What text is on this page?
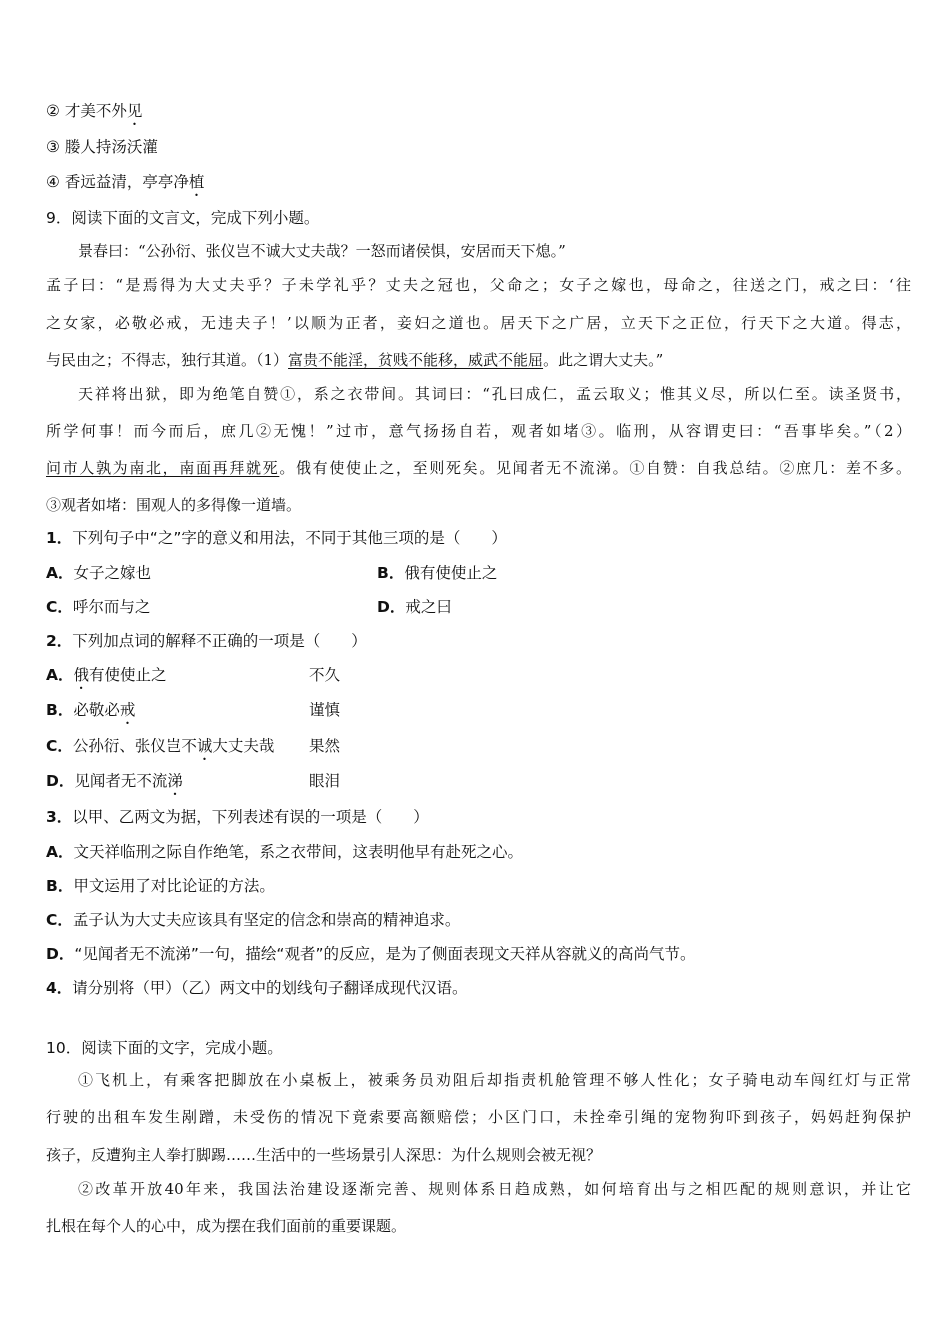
② 才美不外见
③ 媵人持汤沃灌
④ 香远益清，亭亭净植
9．阅读下面的文言文，完成下列小题。
景春曰：“公孙衍、张仪岂不诚大丈夫哉？一怒而诸侯惧，安居而天下熄。”
孟子曰：“是焉得为大丈夫乎？子未学礼乎？丈夫之冠也，父命之；女子之嫁也，母命之，往送之门，戒之曰：‘往
之女家，必敬必戒，无违夫子！’以顺为正者，妾妇之道也。居天下之广居，立天下之正位，行天下之大道。得志，
与民由之；不得志，独行其道。（1）富贵不能淫，贫贱不能移，威武不能屈。此之谓大丈夫。”
天祥将出狱，即为绝笔自赞①，系之衣带间。其词曰：“孔曰成仁，孟云取义；惟其义尽，所以仁至。读圣贤书，
所学何事！而今而后，庶几②无愧！”过市，意气扬扬自若，观者如堵③。临刑，从容谓吏曰：“吾事毕矣。”（2）
问市人孰为南北，南面再拜就死。俄有使使止之，至则死矣。见闻者无不流涕。①自赞：自我总结。②庶几：差不多。
③观者如堵：围观人的多得像一道墙。
1．下列句子中“之”字的意义和用法，不同于其他三项的是（　　）
A．女子之嫁也	B．俄有使使止之
C．呼尔而与之	D．戒之曰
2．下列加点词的解释不正确的一项是（　　）
A．俄有使使止之	不久
B．必敬必戒	谨慎
C．公孙衍、张仪岂不诚大丈夫哉 果然
D．见闻者无不流涕	眼泪
3．以甲、乙两文为据，下列表述有误的一项是（　　）
A．文天祥临刑之际自作绝笔，系之衣带间，这表明他早有赴死之心。
B．甲文运用了对比论证的方法。
C．孟子认为大丈夫应该具有坚定的信念和崇高的精神追求。
D．“见闻者无不流涕”一句，描绘“观者”的反应，是为了侧面表现文天祥从容就义的高尚气节。
4．请分别将（甲）（乙）两文中的划线句子翻译成现代汉语。
10．阅读下面的文字，完成小题。
①飞机上，有乘客把脚放在小桌板上，被乘务员劝阻后却指责机舱管理不够人性化；女子骑电动车闯红灯与正常
行驶的出租车发生剐蹭，未受伤的情况下竟索要高额赔偿；小区门口，未拴牵引绳的宠物狗吓到孩子，妈妈赶狗保护
孩子，反遭狗主人拳打脚踢……生活中的一些场景引人深思：为什么规则会被无视？
②改革开放40年来，我国法治建设逐渐完善、规则体系日趋成熟，如何培育出与之相匹配的规则意识，并让它
扎根在每个人的心中，成为摆在我们面前的重要课题。
